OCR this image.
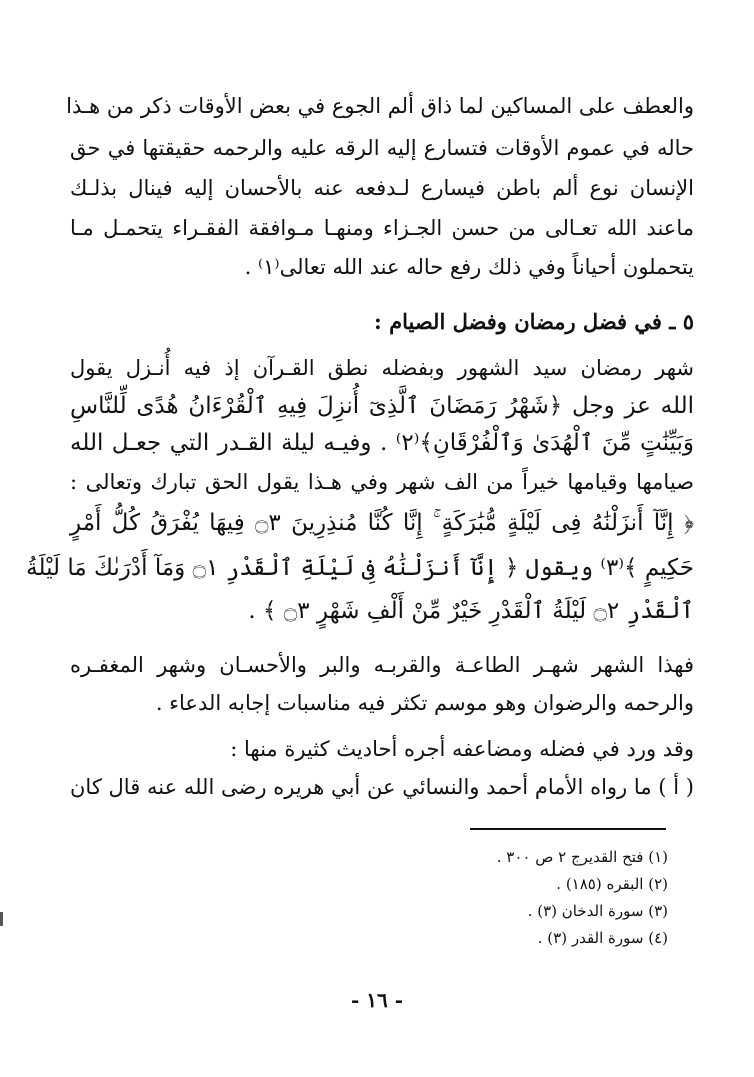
والعطف على المساكين لما ذاق ألم الجوع في بعض الأوقات ذكر من هـذا
حاله في عموم الأوقات فتسارع إليه الرقه عليه والرحمه حقيقتها في حق
الإنسان نوع ألم باطن فيسارع لـدفعه عنه بالأحسان إليه فينال بذلـك
ماعند الله تعـالى من حسن الجـزاء ومنهـا مـوافقة الفقـراء يتحمـل مـا
يتحملون أحياناً وفي ذلك رفع حاله عند الله تعالى⁽١⁾ .
٥ ـ في فضل رمضان وفضل الصيام :
شهر رمضان سيد الشهور وبفضله نطق القـرآن إذ فيه أُنـزل يقول
الله عز وجل ﴿شَهْرُ رَمَضَانَ ٱلَّذِىٓ أُنزِلَ فِيهِ ٱلْقُرْءَانُ هُدًى لِّلنَّاسِ
وَبَيِّنَٰتٍ مِّنَ ٱلْهُدَىٰ وَٱلْفُرْقَانِ﴾⁽٢⁾ . وفيـه ليلة القـدر التي جعـل الله
صيامها وقيامها خيراً من الف شهر وفي هـذا يقول الحق تبارك وتعالى :
﴿ إِنَّآ أَنزَلْنَٰهُ فِى لَيْلَةٍ مُّبَٰرَكَةٍ ۚ إِنَّا كُنَّا مُنذِرِينَ ۝٣ فِيهَا يُفْرَقُ كُلُّ أَمْرٍ
حَكِيمٍ ﴾⁽٣⁾ ويقول ﴿ إِنَّآ أَنزَلْنَٰهُ فِى لَيْلَةِ ٱلْقَدْرِ ۝١ وَمَآ أَدْرَىٰكَ مَا لَيْلَةُ
ٱلْقَدْرِ ۝٢ لَيْلَةُ ٱلْقَدْرِ خَيْرٌ مِّنْ أَلْفِ شَهْرٍ ۝٣ ﴾ .
فهذا الشهر شهـر الطاعـة والقربـه والبر والأحسـان وشهر المغفـره
والرحمه والرضوان وهو موسم تكثر فيه مناسبات إجابه الدعاء .
وقد ورد في فضله ومضاعفه أجره أحاديث كثيرة منها :
( أ ) ما رواه الأمام أحمد والنسائي عن أبي هريره رضى الله عنه قال كان
(١) فتح القديرج ٢ ص ٣٠٠ .
(٢) البقره (١٨٥) .
(٣) سورة الدخان (٣) .
(٤) سورة القدر (٣) .
- ١٦ -
